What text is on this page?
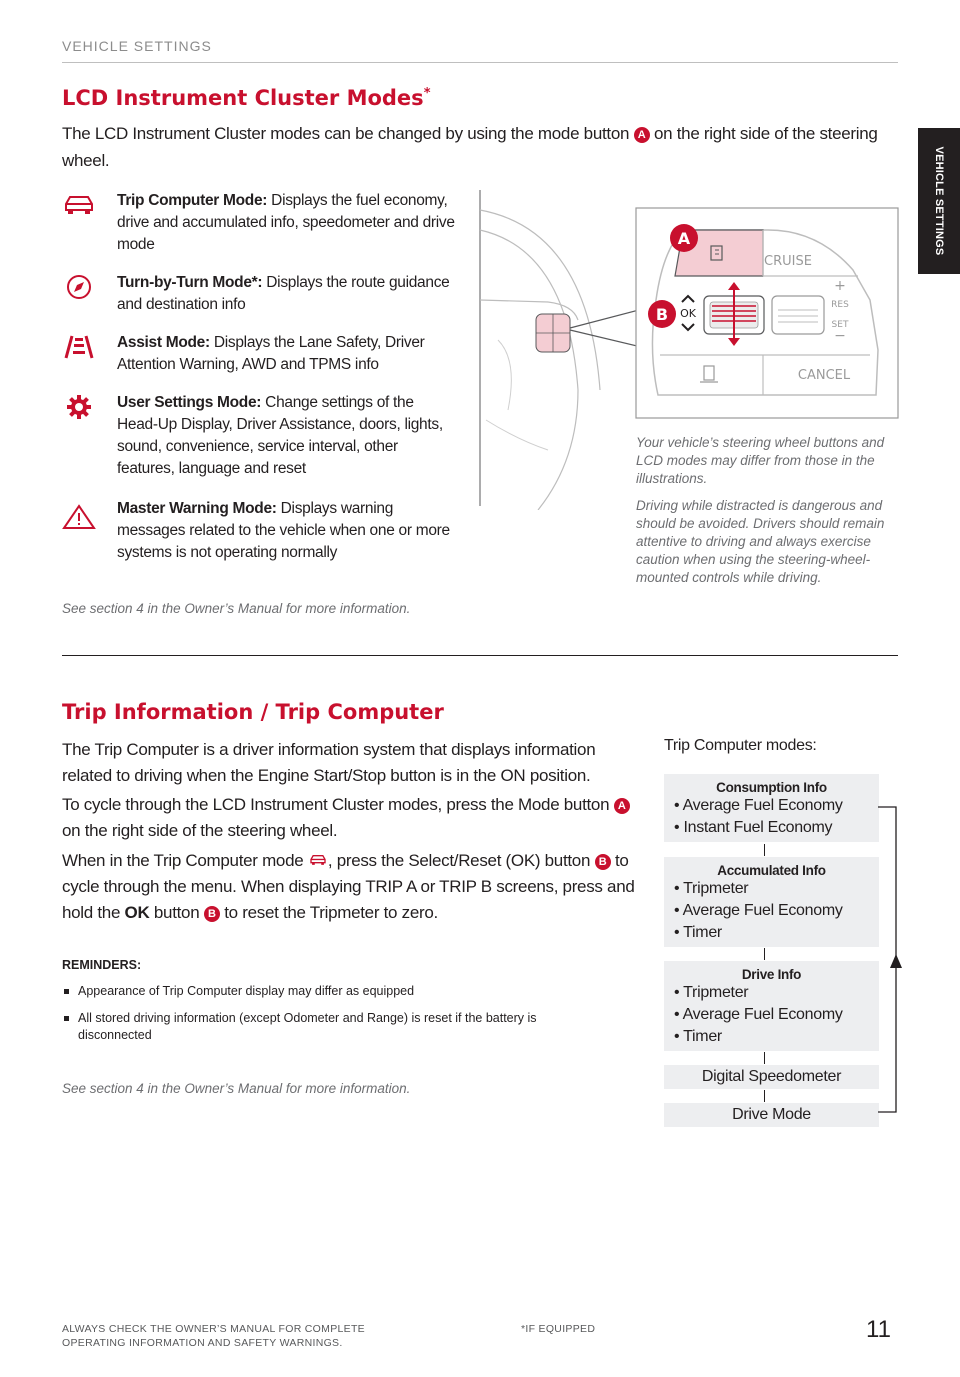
VEHICLE SETTINGS
VEHICLE SETTINGS
LCD Instrument Cluster Modes*
The LCD Instrument Cluster modes can be changed by using the mode button A on the right side of the steering wheel.
Trip Computer Mode: Displays the fuel economy, drive and accumulated info, speedometer and drive mode
Turn-by-Turn Mode*: Displays the route guidance and destination info
Assist Mode: Displays the Lane Safety, Driver Attention Warning, AWD and TPMS info
User Settings Mode: Change settings of the Head-Up Display, Driver Assistance, doors, lights, sound, convenience, service interval, other features, language and reset
Master Warning Mode: Displays warning messages related to the vehicle when one or more systems is not operating normally
See section 4 in the Owner’s Manual for more information.
OK
CRUISE
CANCEL
+
RES
SET
−
A
B
Your vehicle’s steering wheel buttons and LCD modes may differ from those in the illustrations.
Driving while distracted is dangerous and should be avoided. Drivers should remain attentive to driving and always exercise caution when using the steering-wheel-mounted controls while driving.
Trip Information / Trip Computer
The Trip Computer is a driver information system that displays information related to driving when the Engine Start/Stop button is in the ON position.
To cycle through the LCD Instrument Cluster modes, press the Mode button A on the right side of the steering wheel.
When in the Trip Computer mode , press the Select/Reset (OK) button B to cycle through the menu. When displaying TRIP A or TRIP B screens, press and hold the OK button B to reset the Tripmeter to zero.
REMINDERS:
Appearance of Trip Computer display may differ as equipped
All stored driving information (except Odometer and Range) is reset if the battery is disconnected
See section 4 in the Owner’s Manual for more information.
Trip Computer modes:
Consumption Info
• Average Fuel Economy
• Instant Fuel Economy
Accumulated Info
• Tripmeter
• Average Fuel Economy
• Timer
Drive Info
• Tripmeter
• Average Fuel Economy
• Timer
Digital Speedometer
Drive Mode
ALWAYS CHECK THE OWNER’S MANUAL FOR COMPLETE
OPERATING INFORMATION AND SAFETY WARNINGS.
*IF EQUIPPED	11
